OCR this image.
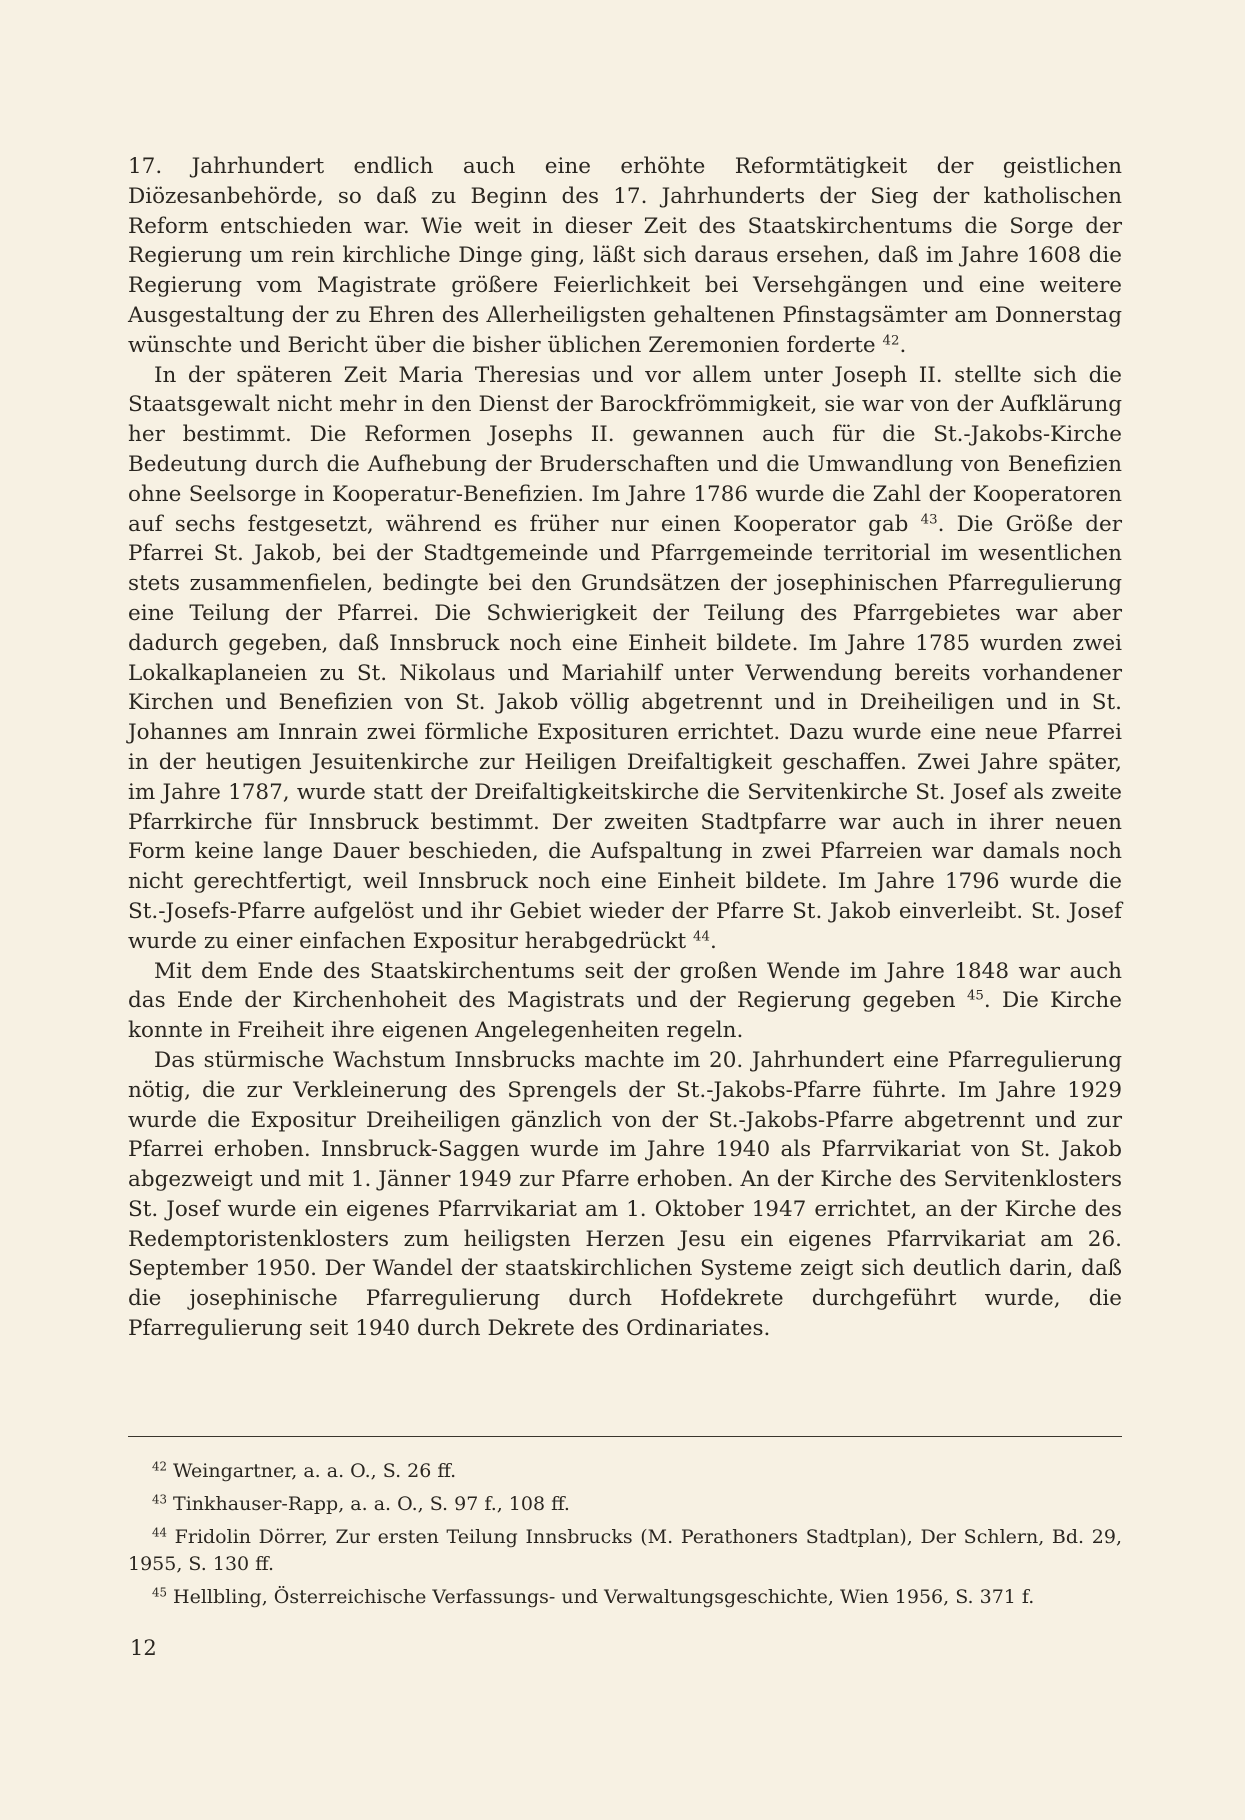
17. Jahrhundert endlich auch eine erhöhte Reformtätigkeit der geistlichen Diözesanbehörde, so daß zu Beginn des 17. Jahrhunderts der Sieg der katholischen Reform entschieden war. Wie weit in dieser Zeit des Staatskirchentums die Sorge der Regierung um rein kirchliche Dinge ging, läßt sich daraus ersehen, daß im Jahre 1608 die Regierung vom Magistrate größere Feierlichkeit bei Versehgängen und eine weitere Ausgestaltung der zu Ehren des Allerheiligsten gehaltenen Pfinstagsämter am Donnerstag wünschte und Bericht über die bisher üblichen Zeremonien forderte $^{42}$.

In der späteren Zeit Maria Theresias und vor allem unter Joseph II. stellte sich die Staatsgewalt nicht mehr in den Dienst der Barockfrömmigkeit, sie war von der Aufklärung her bestimmt. Die Reformen Josephs II. gewannen auch für die St.-Jakobs-Kirche Bedeutung durch die Aufhebung der Bruderschaften und die Umwandlung von Benefizien ohne Seelsorge in Kooperatur-Benefizien. Im Jahre 1786 wurde die Zahl der Kooperatoren auf sechs festgesetzt, während es früher nur einen Kooperator gab $^{43}$. Die Größe der Pfarrei St. Jakob, bei der Stadtgemeinde und Pfarrgemeinde territorial im wesentlichen stets zusammenfielen, bedingte bei den Grundsätzen der josephinischen Pfarregulierung eine Teilung der Pfarrei. Die Schwierigkeit der Teilung des Pfarrgebietes war aber dadurch gegeben, daß Innsbruck noch eine Einheit bildete. Im Jahre 1785 wurden zwei Lokalkaplaneien zu St. Nikolaus und Mariahilf unter Verwendung bereits vorhandener Kirchen und Benefizien von St. Jakob völlig abgetrennt und in Dreiheiligen und in St. Johannes am Innrain zwei förmliche Exposituren errichtet. Dazu wurde eine neue Pfarrei in der heutigen Jesuitenkirche zur Heiligen Dreifaltigkeit geschaffen. Zwei Jahre später, im Jahre 1787, wurde statt der Dreifaltigkeitskirche die Servitenkirche St. Josef als zweite Pfarrkirche für Innsbruck bestimmt. Der zweiten Stadtpfarre war auch in ihrer neuen Form keine lange Dauer beschieden, die Aufspaltung in zwei Pfarreien war damals noch nicht gerechtfertigt, weil Innsbruck noch eine Einheit bildete. Im Jahre 1796 wurde die St.-Josefs-Pfarre aufgelöst und ihr Gebiet wieder der Pfarre St. Jakob einverleibt. St. Josef wurde zu einer einfachen Expositur herabgedrückt $^{44}$.

Mit dem Ende des Staatskirchentums seit der großen Wende im Jahre 1848 war auch das Ende der Kirchenhoheit des Magistrats und der Regierung gegeben $^{45}$. Die Kirche konnte in Freiheit ihre eigenen Angelegenheiten regeln.

Das stürmische Wachstum Innsbrucks machte im 20. Jahrhundert eine Pfarregulierung nötig, die zur Verkleinerung des Sprengels der St.-Jakobs-Pfarre führte. Im Jahre 1929 wurde die Expositur Dreiheiligen gänzlich von der St.-Jakobs-Pfarre abgetrennt und zur Pfarrei erhoben. Innsbruck-Saggen wurde im Jahre 1940 als Pfarrvikariat von St. Jakob abgezweigt und mit 1. Jänner 1949 zur Pfarre erhoben. An der Kirche des Servitenklosters St. Josef wurde ein eigenes Pfarrvikariat am 1. Oktober 1947 errichtet, an der Kirche des Redemptoristenklosters zum heiligsten Herzen Jesu ein eigenes Pfarrvikariat am 26. September 1950. Der Wandel der staatskirchlichen Systeme zeigt sich deutlich darin, daß die josephinische Pfarregulierung durch Hofdekrete durchgeführt wurde, die Pfarregulierung seit 1940 durch Dekrete des Ordinariates.

$^{42}$ Weingartner, a. a. O., S. 26 ff.

$^{43}$ Tinkhauser-Rapp, a. a. O., S. 97 f., 108 ff.

$^{44}$ Fridolin Dörrer, Zur ersten Teilung Innsbrucks (M. Perathoners Stadtplan), Der Schlern, Bd. 29, 1955, S. 130 ff.

$^{45}$ Hellbling, Österreichische Verfassungs- und Verwaltungsgeschichte, Wien 1956, S. 371 f.

12
